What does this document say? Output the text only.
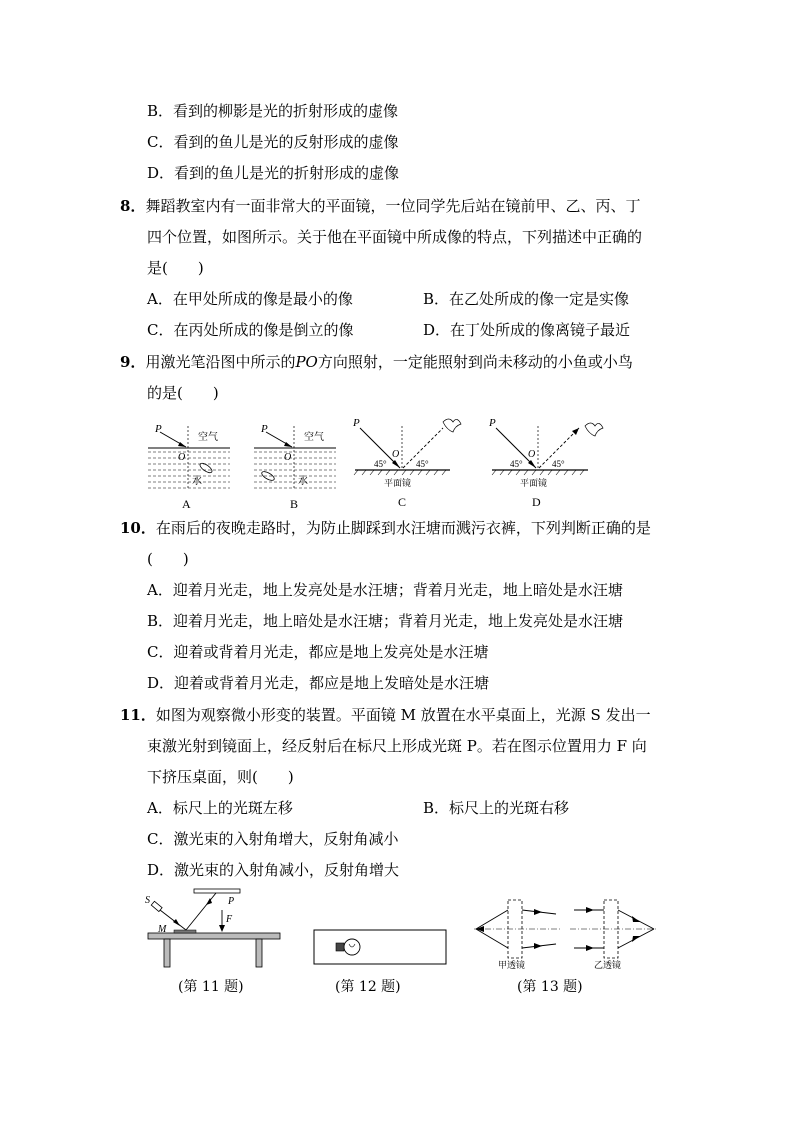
B．看到的柳影是光的折射形成的虚像
C．看到的鱼儿是光的反射形成的虚像
D．看到的鱼儿是光的折射形成的虚像
8．舞蹈教室内有一面非常大的平面镜，一位同学先后站在镜前甲、乙、丙、丁
四个位置，如图所示。关于他在平面镜中所成像的特点，下列描述中正确的
是(　　)
A．在甲处所成的像是最小的像	B．在乙处所成的像一定是实像
C．在丙处所成的像是倒立的像	D．在丁处所成的像离镜子最近
9．用激光笔沿图中所示的PO方向照射，一定能照射到尚未移动的小鱼或小鸟
的是(　　)
P
O
空气
水
A
P
O
空气
水
B
P
O
45°	45°
平面镜
C
P
O
45°	45°
平面镜
D
10．在雨后的夜晚走路时，为防止脚踩到水汪塘而溅污衣裤，下列判断正确的是
(　　)
A．迎着月光走，地上发亮处是水汪塘；背着月光走，地上暗处是水汪塘
B．迎着月光走，地上暗处是水汪塘；背着月光走，地上发亮处是水汪塘
C．迎着或背着月光走，都应是地上发亮处是水汪塘
D．迎着或背着月光走，都应是地上发暗处是水汪塘
11．如图为观察微小形变的装置。平面镜 M 放置在水平桌面上，光源 S 发出一
束激光射到镜面上，经反射后在标尺上形成光斑 P。若在图示位置用力 F 向
下挤压桌面，则(　　)
A．标尺上的光斑左移	B．标尺上的光斑右移
C．激光束的入射角增大，反射角减小
D．激光束的入射角减小，反射角增大
S
M
P
F
甲透镜	乙透镜
(第 11 题)	(第 12 题)	(第 13 题)
